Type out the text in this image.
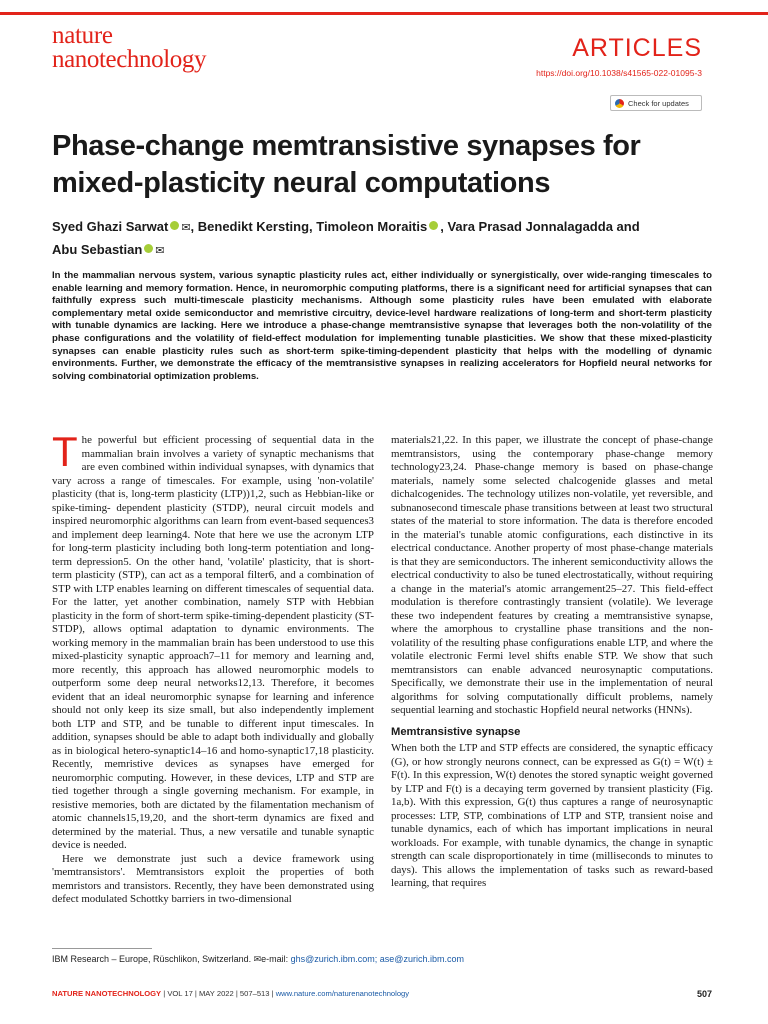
nature
nanotechnology	ARTICLES
https://doi.org/10.1038/s41565-022-01095-3
Check for updates
Phase-change memtransistive synapses for mixed-plasticity neural computations
Syed Ghazi Sarwat ✉, Benedikt Kersting, Timoleon Moraitis , Vara Prasad Jonnalagadda and
Abu Sebastian ✉
In the mammalian nervous system, various synaptic plasticity rules act, either individually or synergistically, over wide-ranging timescales to enable learning and memory formation. Hence, in neuromorphic computing platforms, there is a significant need for artificial synapses that can faithfully express such multi-timescale plasticity mechanisms. Although some plasticity rules have been emulated with elaborate complementary metal oxide semiconductor and memristive circuitry, device-level hardware realizations of long-term and short-term plasticity with tunable dynamics are lacking. Here we introduce a phase-change memtransistive synapse that leverages both the non-volatility of the phase configurations and the volatility of field-effect modulation for implementing tunable plasticities. We show that these mixed-plasticity synapses can enable plasticity rules such as short-term spike-timing-dependent plasticity that helps with the modelling of dynamic environments. Further, we demonstrate the efficacy of the memtransistive synapses in realizing accelerators for Hopfield neural networks for solving combinatorial optimization problems.

The powerful but efficient processing of sequential data in the mammalian brain involves a variety of synaptic mechanisms that are even combined within individual synapses, with dynamics that vary across a range of timescales. For example, using 'non-volatile' plasticity (that is, long-term plasticity (LTP))1,2, such as Hebbian-like or spike-timing- dependent plasticity (STDP), neural circuit models and inspired neuromorphic algorithms can learn from event-based sequences3 and implement deep learning4. Note that here we use the acronym LTP for long-term plasticity including both long-term potentiation and long-term depression5. On the other hand, 'volatile' plasticity, that is short-term plasticity (STP), can act as a temporal filter6, and a combination of STP with LTP enables learning on different timescales of sequential data. For the latter, yet another combination, namely STP with Hebbian plasticity in the form of short-term spike-timing-dependent plasticity (ST-STDP), allows optimal adaptation to dynamic environments. The working memory in the mammalian brain has been understood to use this mixed-plasticity synaptic approach7–11 for memory and learning and, more recently, this approach has allowed neuromorphic models to outperform some deep neural networks12,13. Therefore, it becomes evident that an ideal neuromorphic synapse for learning and inference should not only keep its size small, but also independently implement both LTP and STP, and be tunable to different input timescales. In addition, synapses should be able to adapt both individually and globally as in biological hetero-synaptic14–16 and homo-synaptic17,18 plasticity. Recently, memristive devices as synapses have emerged for neuromorphic computing. However, in these devices, LTP and STP are tied together through a single governing mechanism. For example, in resistive memories, both are dictated by the filamentation mechanism of atomic channels15,19,20, and the short-term dynamics are fixed and determined by the material. Thus, a new versatile and tunable synaptic device is needed.

Here we demonstrate just such a device framework using 'memtransistors'. Memtransistors exploit the properties of both memristors and transistors. Recently, they have been demonstrated using defect modulated Schottky barriers in two-dimensional

materials21,22. In this paper, we illustrate the concept of phase-change memtransistors, using the contemporary phase-change memory technology23,24. Phase-change memory is based on phase-change materials, namely some selected chalcogenide glasses and metal dichalcogenides. The technology utilizes non-volatile, yet reversible, and subnanosecond timescale phase transitions between at least two structural states of the material to store information. The data is therefore encoded in the material's tunable atomic configurations, each distinctive in its electrical conductance. Another property of most phase-change materials is that they are semiconductors. The inherent semiconductivity allows the electrical conductivity to also be tuned electrostatically, without requiring a change in the material's atomic arrangement25–27. This field-effect modulation is therefore contrastingly transient (volatile). We leverage these two independent features by creating a memtransistive synapse, where the amorphous to crystalline phase transitions and the non-volatility of the resulting phase configurations enable LTP, and where the volatile electronic Fermi level shifts enable STP. We show that such memtransistors can enable advanced neurosynaptic computations. Specifically, we demonstrate their use in the implementation of neural algorithms for solving computationally difficult problems, namely sequential learning and stochastic Hopfield neural networks (HNNs).

Memtransistive synapse

When both the LTP and STP effects are considered, the synaptic efficacy (G), or how strongly neurons connect, can be expressed as G(t) = W(t) ± F(t). In this expression, W(t) denotes the stored synaptic weight governed by LTP and F(t) is a decaying term governed by transient plasticity (Fig. 1a,b). With this expression, G(t) thus captures a range of neurosynaptic processes: LTP, STP, combinations of LTP and STP, transient noise and tunable dynamics, each of which has important implications in neural workloads. For example, with tunable dynamics, the change in synaptic strength can scale disproportionately in time (milliseconds to minutes to days). This allows the implementation of tasks such as reward-based learning, that requires

IBM Research – Europe, Rüschlikon, Switzerland. ✉e-mail: ghs@zurich.ibm.com; ase@zurich.ibm.com
NATURE NANOTECHNOLOGY | VOL 17 | MAY 2022 | 507–513 | www.nature.com/naturenanotechnology	507
